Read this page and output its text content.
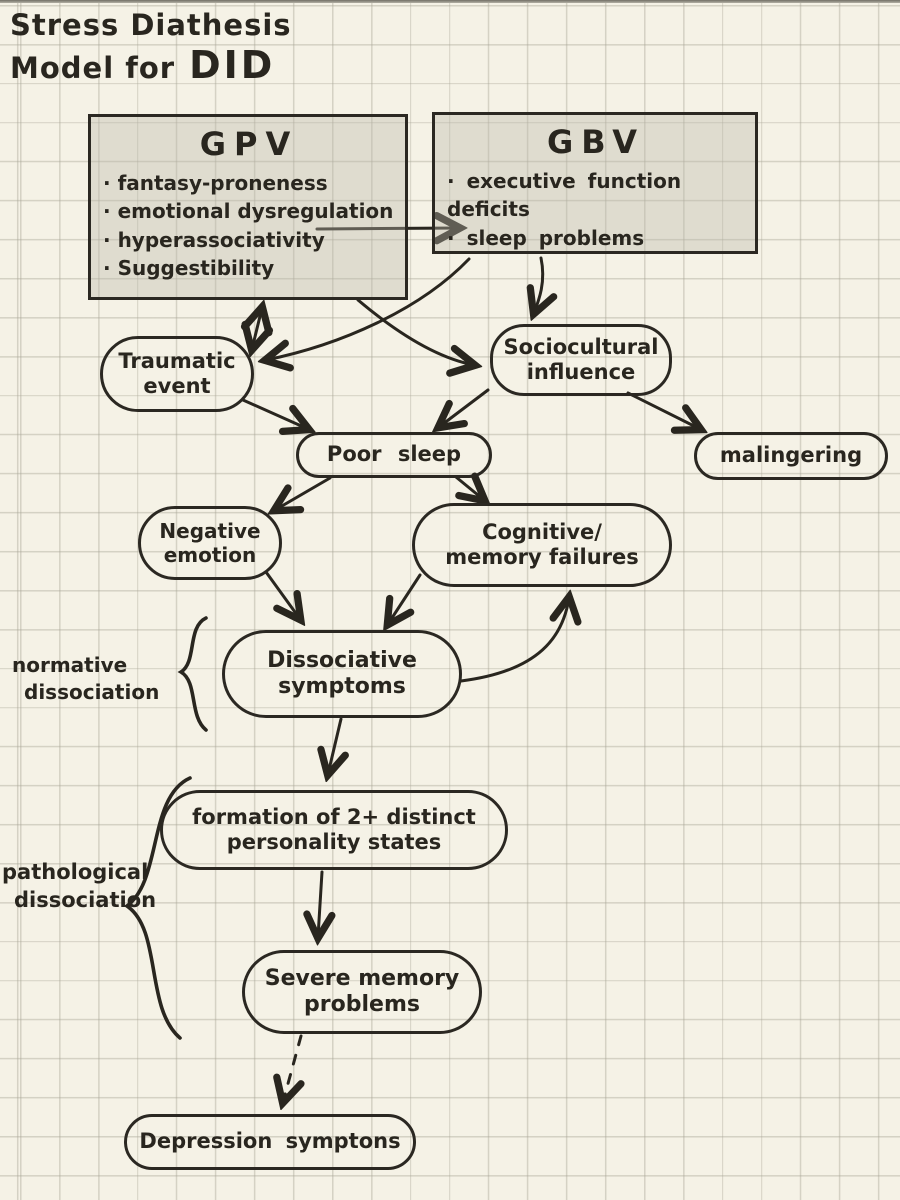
Stress Diathesis
Model for DID
GPV
· fantasy-proneness
· emotional dysregulation
· hyperassociativity
· Suggestibility
GBV
· executive function deficits
· sleep problems
Traumatic
event
Sociocultural
influence
malingering
Poor sleep
Negative
emotion
Cognitive/
memory failures
Dissociative
symptoms
formation of 2+ distinct
personality states
Severe memory
problems
Depression symptons
normative
dissociation
pathological
dissociation
